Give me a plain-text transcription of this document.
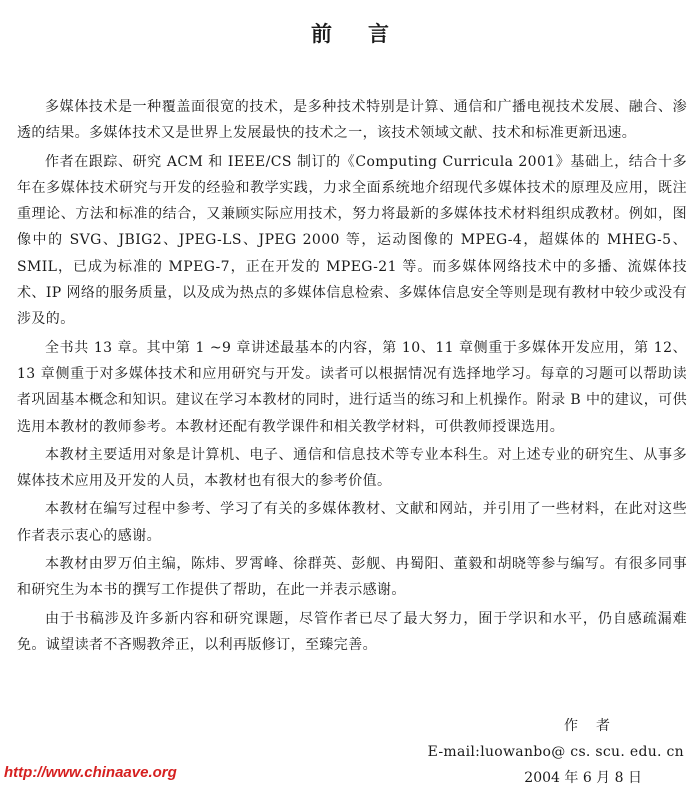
前言

多媒体技术是一种覆盖面很宽的技术，是多种技术特别是计算、通信和广播电视技术发展、融合、渗透的结果。多媒体技术又是世界上发展最快的技术之一，该技术领域文献、技术和标准更新迅速。

作者在跟踪、研究 ACM 和 IEEE/CS 制订的《Computing Curricula 2001》基础上，结合十多年在多媒体技术研究与开发的经验和教学实践，力求全面系统地介绍现代多媒体技术的原理及应用，既注重理论、方法和标准的结合，又兼顾实际应用技术，努力将最新的多媒体技术材料组织成教材。例如，图像中的 SVG、JBIG2、JPEG-LS、JPEG 2000 等，运动图像的 MPEG-4，超媒体的 MHEG-5、SMIL，已成为标准的 MPEG-7，正在开发的 MPEG-21 等。而多媒体网络技术中的多播、流媒体技术、IP 网络的服务质量，以及成为热点的多媒体信息检索、多媒体信息安全等则是现有教材中较少或没有涉及的。

全书共 13 章。其中第 1 ~9 章讲述最基本的内容，第 10、11 章侧重于多媒体开发应用，第 12、13 章侧重于对多媒体技术和应用研究与开发。读者可以根据情况有选择地学习。每章的习题可以帮助读者巩固基本概念和知识。建议在学习本教材的同时，进行适当的练习和上机操作。附录 B 中的建议，可供选用本教材的教师参考。本教材还配有教学课件和相关教学材料，可供教师授课选用。

本教材主要适用对象是计算机、电子、通信和信息技术等专业本科生。对上述专业的研究生、从事多媒体技术应用及开发的人员，本教材也有很大的参考价值。

本教材在编写过程中参考、学习了有关的多媒体教材、文献和网站，并引用了一些材料，在此对这些作者表示衷心的感谢。

本教材由罗万伯主编，陈炜、罗霄峰、徐群英、彭舰、冉蜀阳、董毅和胡晓等参与编写。有很多同事和研究生为本书的撰写工作提供了帮助，在此一并表示感谢。

由于书稿涉及许多新内容和研究课题，尽管作者已尽了最大努力，囿于学识和水平，仍自感疏漏难免。诚望读者不吝赐教斧正，以利再版修订，至臻完善。

作者
E-mail:luowanbo@ cs. scu. edu. cn
2004 年 6 月 8 日
http://www.chinaave.org
